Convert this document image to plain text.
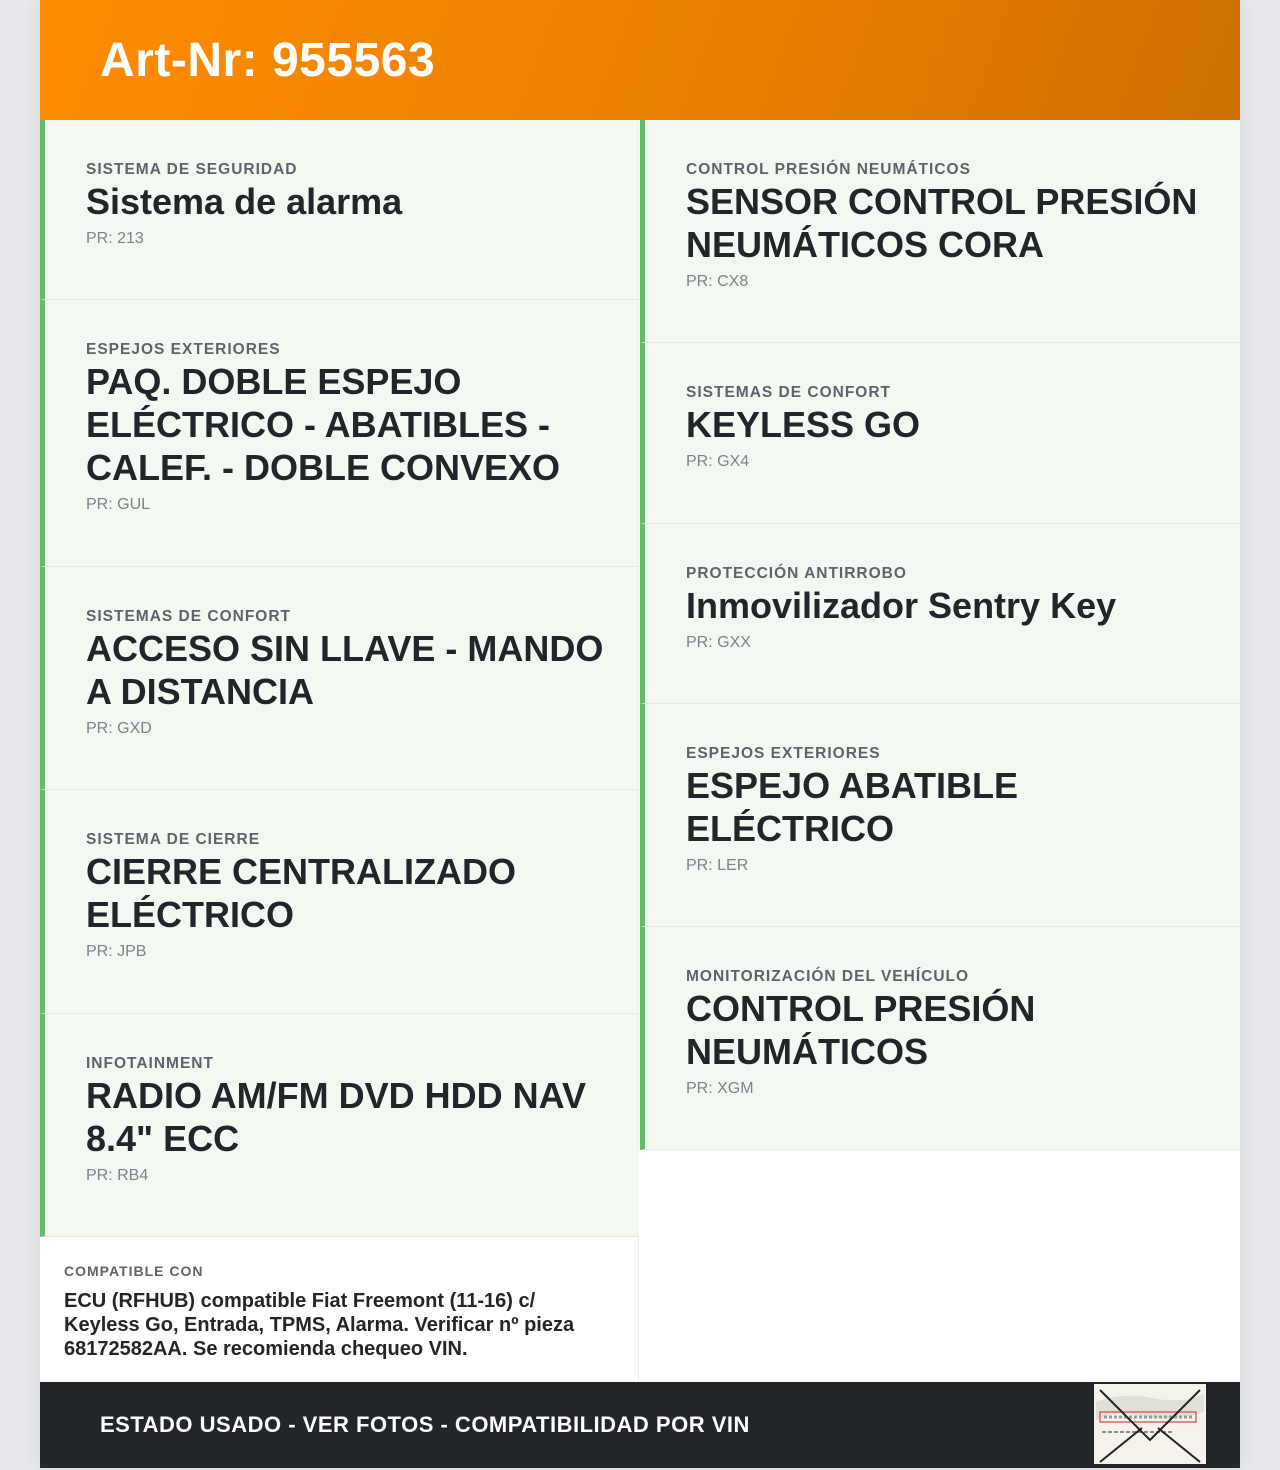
Art-Nr: 955563
SISTEMA DE SEGURIDAD
Sistema de alarma
PR: 213
ESPEJOS EXTERIORES
PAQ. DOBLE ESPEJO ELÉCTRICO - ABATIBLES - CALEF. - DOBLE CONVEXO
PR: GUL
SISTEMAS DE CONFORT
ACCESO SIN LLAVE - MANDO A DISTANCIA
PR: GXD
SISTEMA DE CIERRE
CIERRE CENTRALIZADO ELÉCTRICO
PR: JPB
INFOTAINMENT
RADIO AM/FM DVD HDD NAV 8.4" ECC
PR: RB4
CONTROL PRESIÓN NEUMÁTICOS
SENSOR CONTROL PRESIÓN NEUMÁTICOS CORA
PR: CX8
SISTEMAS DE CONFORT
KEYLESS GO
PR: GX4
PROTECCIÓN ANTIRROBO
Inmovilizador Sentry Key
PR: GXX
ESPEJOS EXTERIORES
ESPEJO ABATIBLE ELÉCTRICO
PR: LER
MONITORIZACIÓN DEL VEHÍCULO
CONTROL PRESIÓN NEUMÁTICOS
PR: XGM
COMPATIBLE CON
ECU (RFHUB) compatible Fiat Freemont (11-16) c/ Keyless Go, Entrada, TPMS, Alarma. Verificar nº pieza 68172582AA. Se recomienda chequeo VIN.
ESTADO USADO - VER FOTOS - COMPATIBILIDAD POR VIN
